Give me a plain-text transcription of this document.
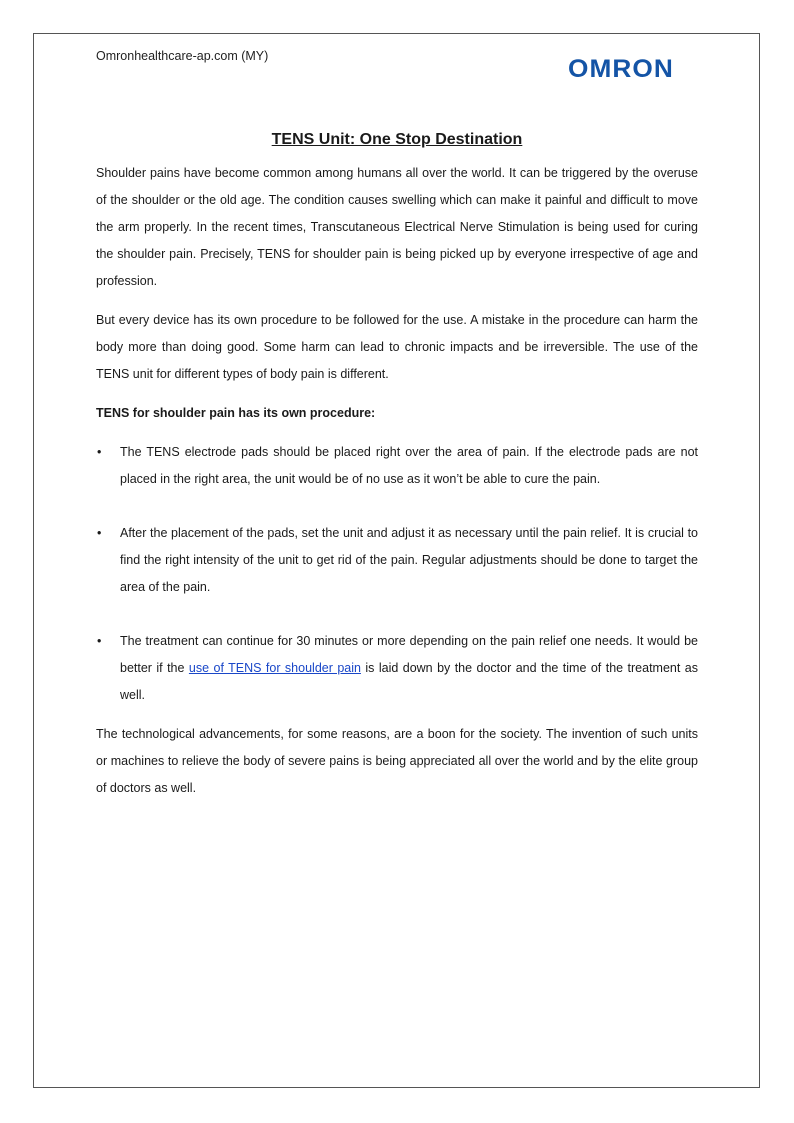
Omronhealthcare-ap.com (MY)	OMRON
TENS Unit: One Stop Destination

Shoulder pains have become common among humans all over the world. It can be triggered by the overuse of the shoulder or the old age. The condition causes swelling which can make it painful and difficult to move the arm properly. In the recent times, Transcutaneous Electrical Nerve Stimulation is being used for curing the shoulder pain. Precisely, TENS for shoulder pain is being picked up by everyone irrespective of age and profession.

But every device has its own procedure to be followed for the use. A mistake in the procedure can harm the body more than doing good. Some harm can lead to chronic impacts and be irreversible. The use of the TENS unit for different types of body pain is different.

TENS for shoulder pain has its own procedure:

• The TENS electrode pads should be placed right over the area of pain. If the electrode pads are not placed in the right area, the unit would be of no use as it won’t be able to cure the pain.
• After the placement of the pads, set the unit and adjust it as necessary until the pain relief. It is crucial to find the right intensity of the unit to get rid of the pain. Regular adjustments should be done to target the area of the pain.
• The treatment can continue for 30 minutes or more depending on the pain relief one needs. It would be better if the use of TENS for shoulder pain is laid down by the doctor and the time of the treatment as well.

The technological advancements, for some reasons, are a boon for the society. The invention of such units or machines to relieve the body of severe pains is being appreciated all over the world and by the elite group of doctors as well.
